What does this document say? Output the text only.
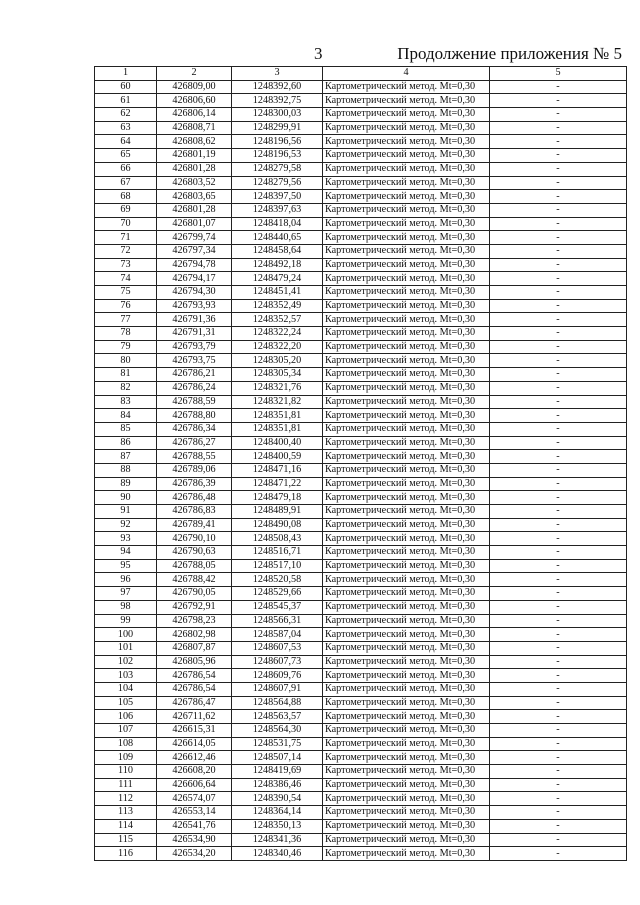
3	Продолжение приложения № 5
1	2	3	4	5
60	426809,00	1248392,60	Картометрический метод. Mt=0,30	-
61	426806,60	1248392,75	Картометрический метод. Mt=0,30	-
62	426806,14	1248300,03	Картометрический метод. Mt=0,30	-
63	426808,71	1248299,91	Картометрический метод. Mt=0,30	-
64	426808,62	1248196,56	Картометрический метод. Mt=0,30	-
65	426801,19	1248196,53	Картометрический метод. Mt=0,30	-
66	426801,28	1248279,58	Картометрический метод. Mt=0,30	-
67	426803,52	1248279,56	Картометрический метод. Mt=0,30	-
68	426803,65	1248397,50	Картометрический метод. Mt=0,30	-
69	426801,28	1248397,63	Картометрический метод. Mt=0,30	-
70	426801,07	1248418,04	Картометрический метод. Mt=0,30	-
71	426799,74	1248440,65	Картометрический метод. Mt=0,30	-
72	426797,34	1248458,64	Картометрический метод. Mt=0,30	-
73	426794,78	1248492,18	Картометрический метод. Mt=0,30	-
74	426794,17	1248479,24	Картометрический метод. Mt=0,30	-
75	426794,30	1248451,41	Картометрический метод. Mt=0,30	-
76	426793,93	1248352,49	Картометрический метод. Mt=0,30	-
77	426791,36	1248352,57	Картометрический метод. Mt=0,30	-
78	426791,31	1248322,24	Картометрический метод. Mt=0,30	-
79	426793,79	1248322,20	Картометрический метод. Mt=0,30	-
80	426793,75	1248305,20	Картометрический метод. Mt=0,30	-
81	426786,21	1248305,34	Картометрический метод. Mt=0,30	-
82	426786,24	1248321,76	Картометрический метод. Mt=0,30	-
83	426788,59	1248321,82	Картометрический метод. Mt=0,30	-
84	426788,80	1248351,81	Картометрический метод. Mt=0,30	-
85	426786,34	1248351,81	Картометрический метод. Mt=0,30	-
86	426786,27	1248400,40	Картометрический метод. Mt=0,30	-
87	426788,55	1248400,59	Картометрический метод. Mt=0,30	-
88	426789,06	1248471,16	Картометрический метод. Mt=0,30	-
89	426786,39	1248471,22	Картометрический метод. Mt=0,30	-
90	426786,48	1248479,18	Картометрический метод. Mt=0,30	-
91	426786,83	1248489,91	Картометрический метод. Mt=0,30	-
92	426789,41	1248490,08	Картометрический метод. Mt=0,30	-
93	426790,10	1248508,43	Картометрический метод. Mt=0,30	-
94	426790,63	1248516,71	Картометрический метод. Mt=0,30	-
95	426788,05	1248517,10	Картометрический метод. Mt=0,30	-
96	426788,42	1248520,58	Картометрический метод. Mt=0,30	-
97	426790,05	1248529,66	Картометрический метод. Mt=0,30	-
98	426792,91	1248545,37	Картометрический метод. Mt=0,30	-
99	426798,23	1248566,31	Картометрический метод. Mt=0,30	-
100	426802,98	1248587,04	Картометрический метод. Mt=0,30	-
101	426807,87	1248607,53	Картометрический метод. Mt=0,30	-
102	426805,96	1248607,73	Картометрический метод. Mt=0,30	-
103	426786,54	1248609,76	Картометрический метод. Mt=0,30	-
104	426786,54	1248607,91	Картометрический метод. Mt=0,30	-
105	426786,47	1248564,88	Картометрический метод. Mt=0,30	-
106	426711,62	1248563,57	Картометрический метод. Mt=0,30	-
107	426615,31	1248564,30	Картометрический метод. Mt=0,30	-
108	426614,05	1248531,75	Картометрический метод. Mt=0,30	-
109	426612,46	1248507,14	Картометрический метод. Mt=0,30	-
110	426608,20	1248419,69	Картометрический метод. Mt=0,30	-
111	426606,64	1248386,46	Картометрический метод. Mt=0,30	-
112	426574,07	1248390,54	Картометрический метод. Mt=0,30	-
113	426553,14	1248364,14	Картометрический метод. Mt=0,30	-
114	426541,76	1248350,13	Картометрический метод. Mt=0,30	-
115	426534,90	1248341,36	Картометрический метод. Mt=0,30	-
116	426534,20	1248340,46	Картометрический метод. Mt=0,30	-
